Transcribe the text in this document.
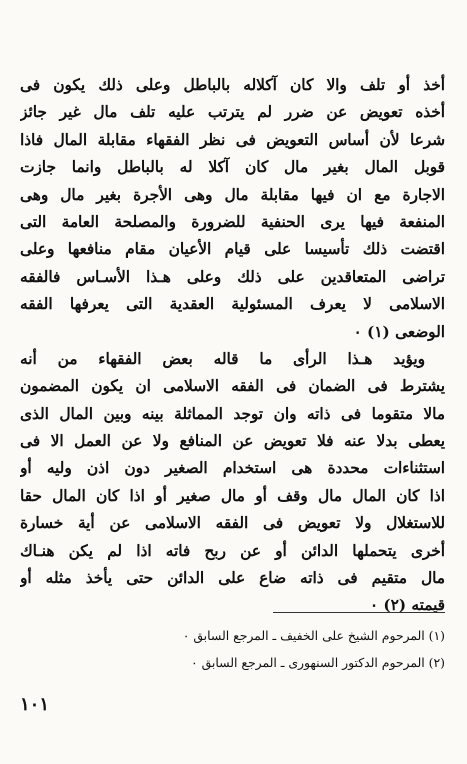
أخذ أو تلف والا كان آكلاله بالباطل وعلى ذلك يكون فى
أخذه تعويض عن ضرر لم يترتب عليه تلف مال غير جائز
شرعا لأن أساس التعويض فى نظر الفقهاء مقابلة المال فاذا
قوبل المال بغير مال كان آكلا له بالباطل وانما جازت
الاجارة مع ان فيها مقابلة مال وهى الأجرة بغير مال وهى
المنفعة فيها يرى الحنفية للضرورة والمصلحة العامة التى
اقتضت ذلك تأسيسا على قيام الأعيان مقام منافعها وعلى
تراضى المتعاقدين على ذلك وعلى هـذا الأسـاس فالفقه
الاسلامى لا يعرف المسئولية العقدية التى يعرفها الفقه
الوضعى (١) ٠
ويؤيد هـذا الرأى ما قاله بعض الفقهاء من أنه
يشترط فى الضمان فى الفقه الاسلامى ان يكون المضمون
مالا متقوما فى ذاته وان توجد المماثلة بينه وبين المال الذى
يعطى بدلا عنه فلا تعويض عن المنافع ولا عن العمل الا فى
استثناءات محددة هى استخدام الصغير دون اذن وليه أو
اذا كان المال مال وقف أو مال صغير أو اذا كان المال حقا
للاستغلال ولا تعويض فى الفقه الاسلامى عن أية خسارة
أخرى يتحملها الدائن أو عن ربح فاته اذا لم يكن هنـاك
مال متقيم فى ذاته ضاع على الدائن حتى يأخذ مثله أو
قيمته (٢) ٠
(١) المرحوم الشيخ على الخفيف ـ المرجع السابق ٠
(٢) المرحوم الدكتور السنهورى ـ المرجع السابق ٠
١٠١
